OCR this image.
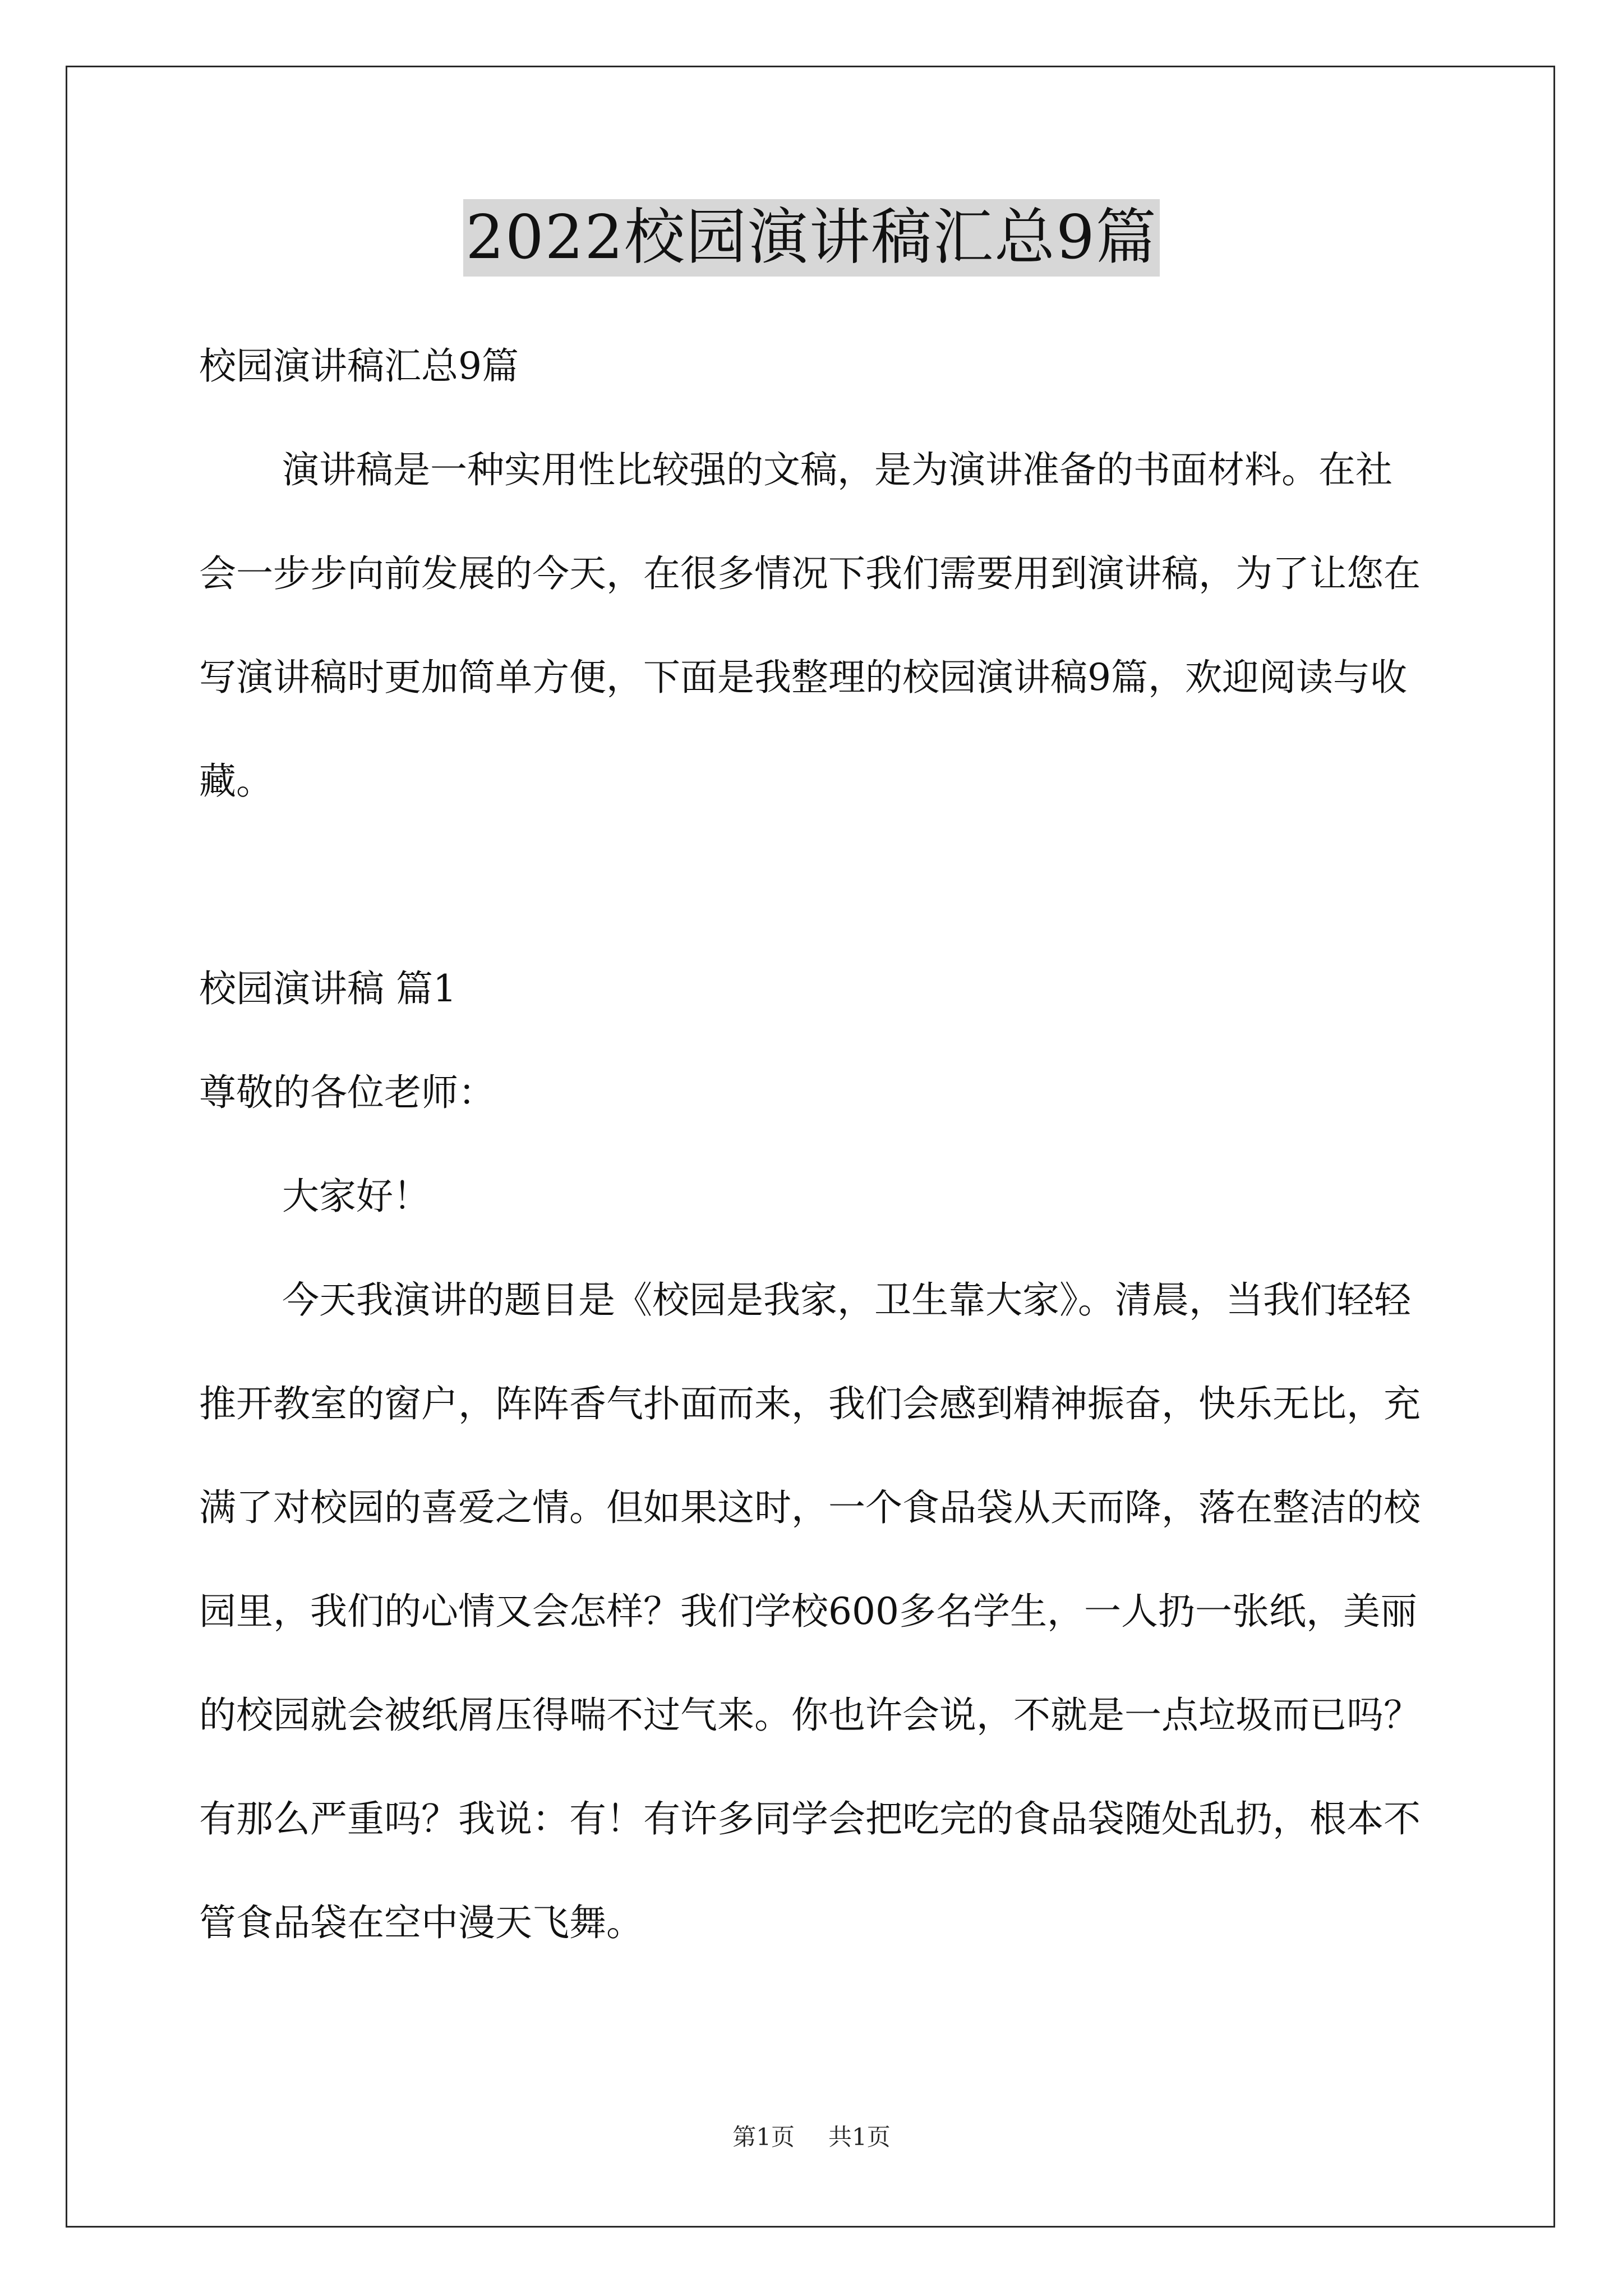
2022校园演讲稿汇总9篇

校园演讲稿汇总9篇

演讲稿是一种实用性比较强的文稿，是为演讲准备的书面材料。在社会一步步向前发展的今天，在很多情况下我们需要用到演讲稿，为了让您在写演讲稿时更加简单方便，下面是我整理的校园演讲稿9篇，欢迎阅读与收藏。

校园演讲稿 篇1

尊敬的各位老师：

大家好！

今天我演讲的题目是《校园是我家，卫生靠大家》。清晨，当我们轻轻推开教室的窗户，阵阵香气扑面而来，我们会感到精神振奋，快乐无比，充满了对校园的喜爱之情。但如果这时，一个食品袋从天而降，落在整洁的校园里，我们的心情又会怎样？我们学校600多名学生，一人扔一张纸，美丽的校园就会被纸屑压得喘不过气来。你也许会说，不就是一点垃圾而已吗？有那么严重吗？我说：有！有许多同学会把吃完的食品袋随处乱扔，根本不管食品袋在空中漫天飞舞。

第1页 共1页
